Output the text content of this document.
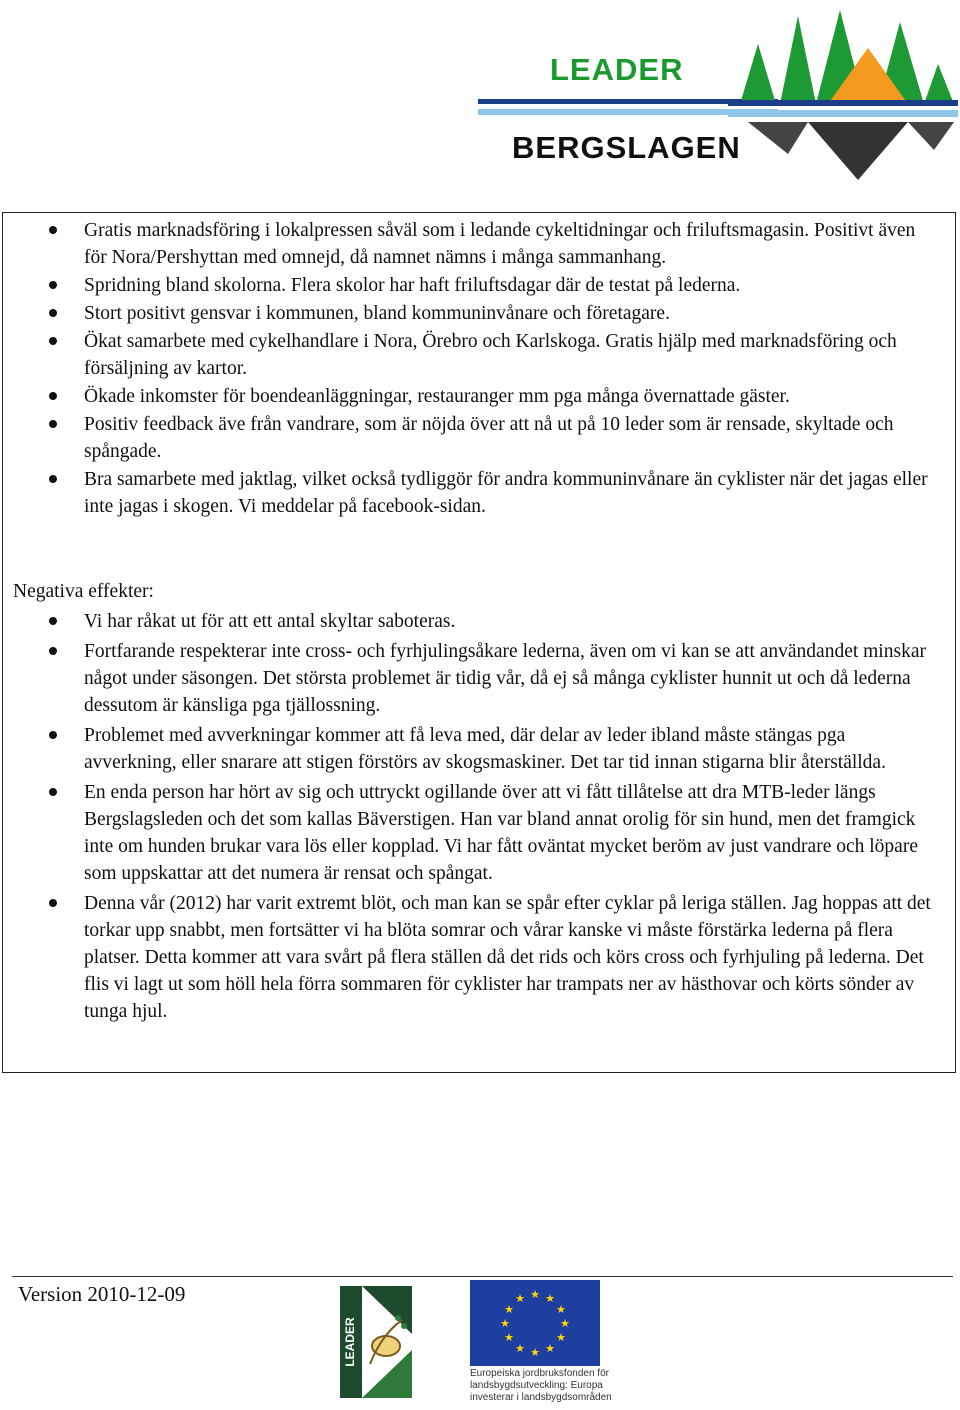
LEADER
BERGSLAGEN
Gratis marknadsföring i lokalpressen såväl som i ledande cykeltidningar och friluftsmagasin. Positivt även för Nora/Pershyttan med omnejd, då namnet nämns i många sammanhang.
Spridning bland skolorna. Flera skolor har haft friluftsdagar där de testat på lederna.
Stort positivt gensvar i kommunen, bland kommuninvånare och företagare.
Ökat samarbete med cykelhandlare i Nora, Örebro och Karlskoga. Gratis hjälp med marknadsföring och försäljning av kartor.
Ökade inkomster för boendeanläggningar, restauranger mm pga många övernattade gäster.
Positiv feedback äve från vandrare, som är nöjda över att nå ut på 10 leder som är rensade, skyltade och spångade.
Bra samarbete med jaktlag, vilket också tydliggör för andra kommuninvånare än cyklister när det jagas eller inte jagas i skogen. Vi meddelar på facebook-sidan.
Negativa effekter:
Vi har råkat ut för att ett antal skyltar saboteras.
Fortfarande respekterar inte cross- och fyrhjulingsåkare lederna, även om vi kan se att användandet minskar något under säsongen. Det största problemet är tidig vår, då ej så många cyklister hunnit ut och då lederna dessutom är känsliga pga tjällossning.
Problemet med avverkningar kommer att få leva med, där delar av leder ibland måste stängas pga avverkning, eller snarare att stigen förstörs av skogsmaskiner. Det tar tid innan stigarna blir återställda.
En enda person har hört av sig och uttryckt ogillande över att vi fått tillåtelse att dra MTB-leder längs Bergslagsleden och det som kallas Bäverstigen. Han var bland annat orolig för sin hund, men det framgick inte om hunden brukar vara lös eller kopplad. Vi har fått oväntat mycket beröm av just vandrare och löpare som uppskattar att det numera är rensat och spångat.
Denna vår (2012) har varit extremt blöt, och man kan se spår efter cyklar på leriga ställen. Jag hoppas att det torkar upp snabbt, men fortsätter vi ha blöta somrar och vårar kanske vi måste förstärka lederna på flera platser. Detta kommer att vara svårt på flera ställen då det rids och körs cross och fyrhjuling på lederna. Det flis vi lagt ut som höll hela förra sommaren för cyklister har trampats ner av hästhovar och körts sönder av tunga hjul.
Version 2010-12-09
LEADER
★ ★
★
★
★
★
★
★
★
★
★
★
Europeiska jordbruksfonden för landsbygdsutveckling: Europa investerar i landsbygdsområden
